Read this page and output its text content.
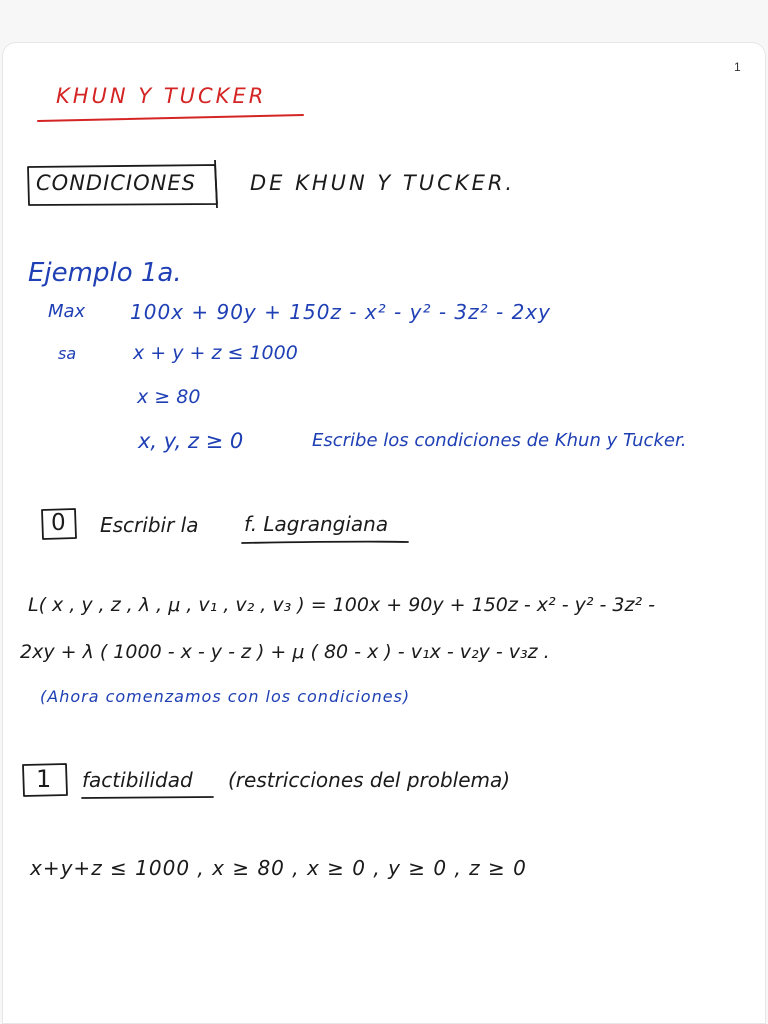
1
KHUN Y TUCKER
CONDICIONES	DE KHUN Y TUCKER.
Ejemplo 1a.
Max 100x + 90y + 150z - x² - y² - 3z² - 2xy
sa	x + y + z ≤ 1000
x ≥ 80
x, y, z ≥ 0	Escribe los condiciones de Khun y Tucker.
0 Escribir la f. Lagrangiana
L( x , y , z , λ , μ , v₁ , v₂ , v₃ ) = 100x + 90y + 150z - x² - y² - 3z² -
2xy + λ ( 1000 - x - y - z ) + μ ( 80 - x ) - v₁x - v₂y - v₃z .
(Ahora comenzamos con los condiciones)
1 factibilidad (restricciones del problema)
x+y+z ≤ 1000 , x ≥ 80 , x ≥ 0 , y ≥ 0 , z ≥ 0
